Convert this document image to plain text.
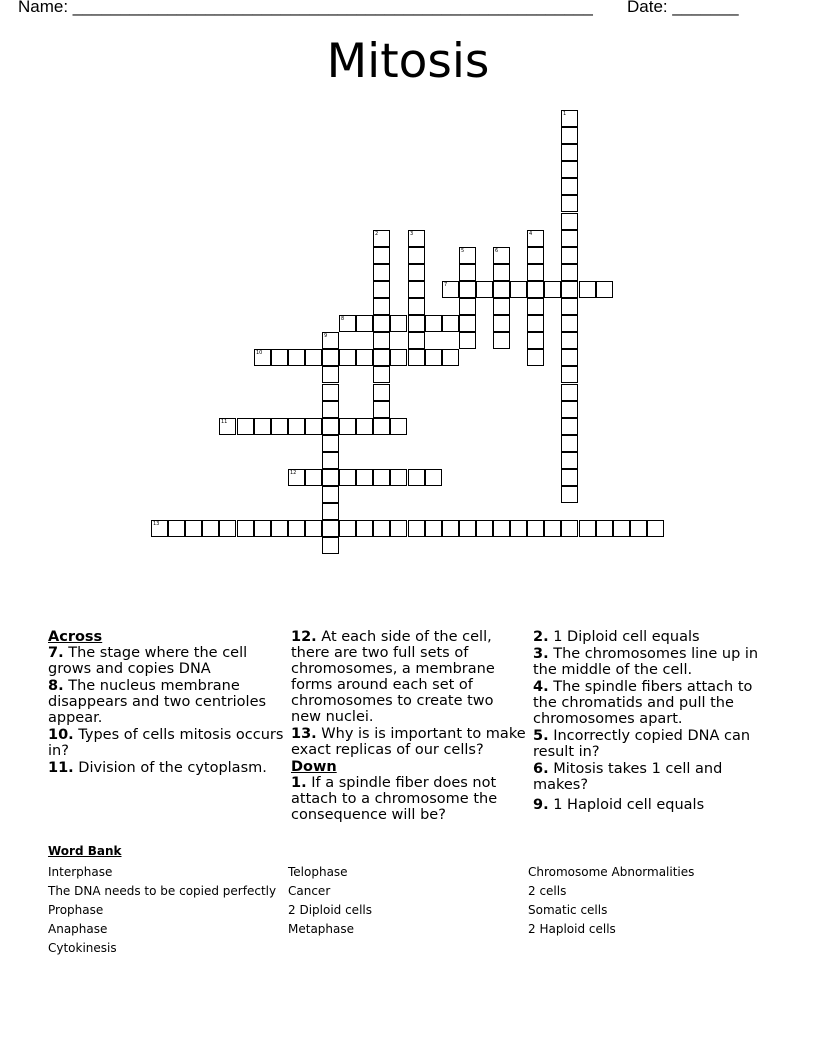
Name: _______________________________________________________ Date: _______
Mitosis
1
2	3	4
5	6
7
8
9
10
11
12
13
Across
7. The stage where the cell grows and copies DNA
8. The nucleus membrane disappears and two centrioles appear.
10. Types of cells mitosis occurs in?
11. Division of the cytoplasm.
12. At each side of the cell, there are two full sets of chromosomes, a membrane forms around each set of chromosomes to create two new nuclei.
13. Why is is important to make exact replicas of our cells?
Down
1. If a spindle fiber does not attach to a chromosome the consequence will be?
2. 1 Diploid cell equals
3. The chromosomes line up in the middle of the cell.
4. The spindle fibers attach to the chromatids and pull the chromosomes apart.
5. Incorrectly copied DNA can result in?
6. Mitosis takes 1 cell and makes?
9. 1 Haploid cell equals
Word Bank
Interphase
The DNA needs to be copied perfectly
Prophase
Anaphase
Cytokinesis
Telophase
Cancer
2 Diploid cells
Metaphase
Chromosome Abnormalities
2 cells
Somatic cells
2 Haploid cells
